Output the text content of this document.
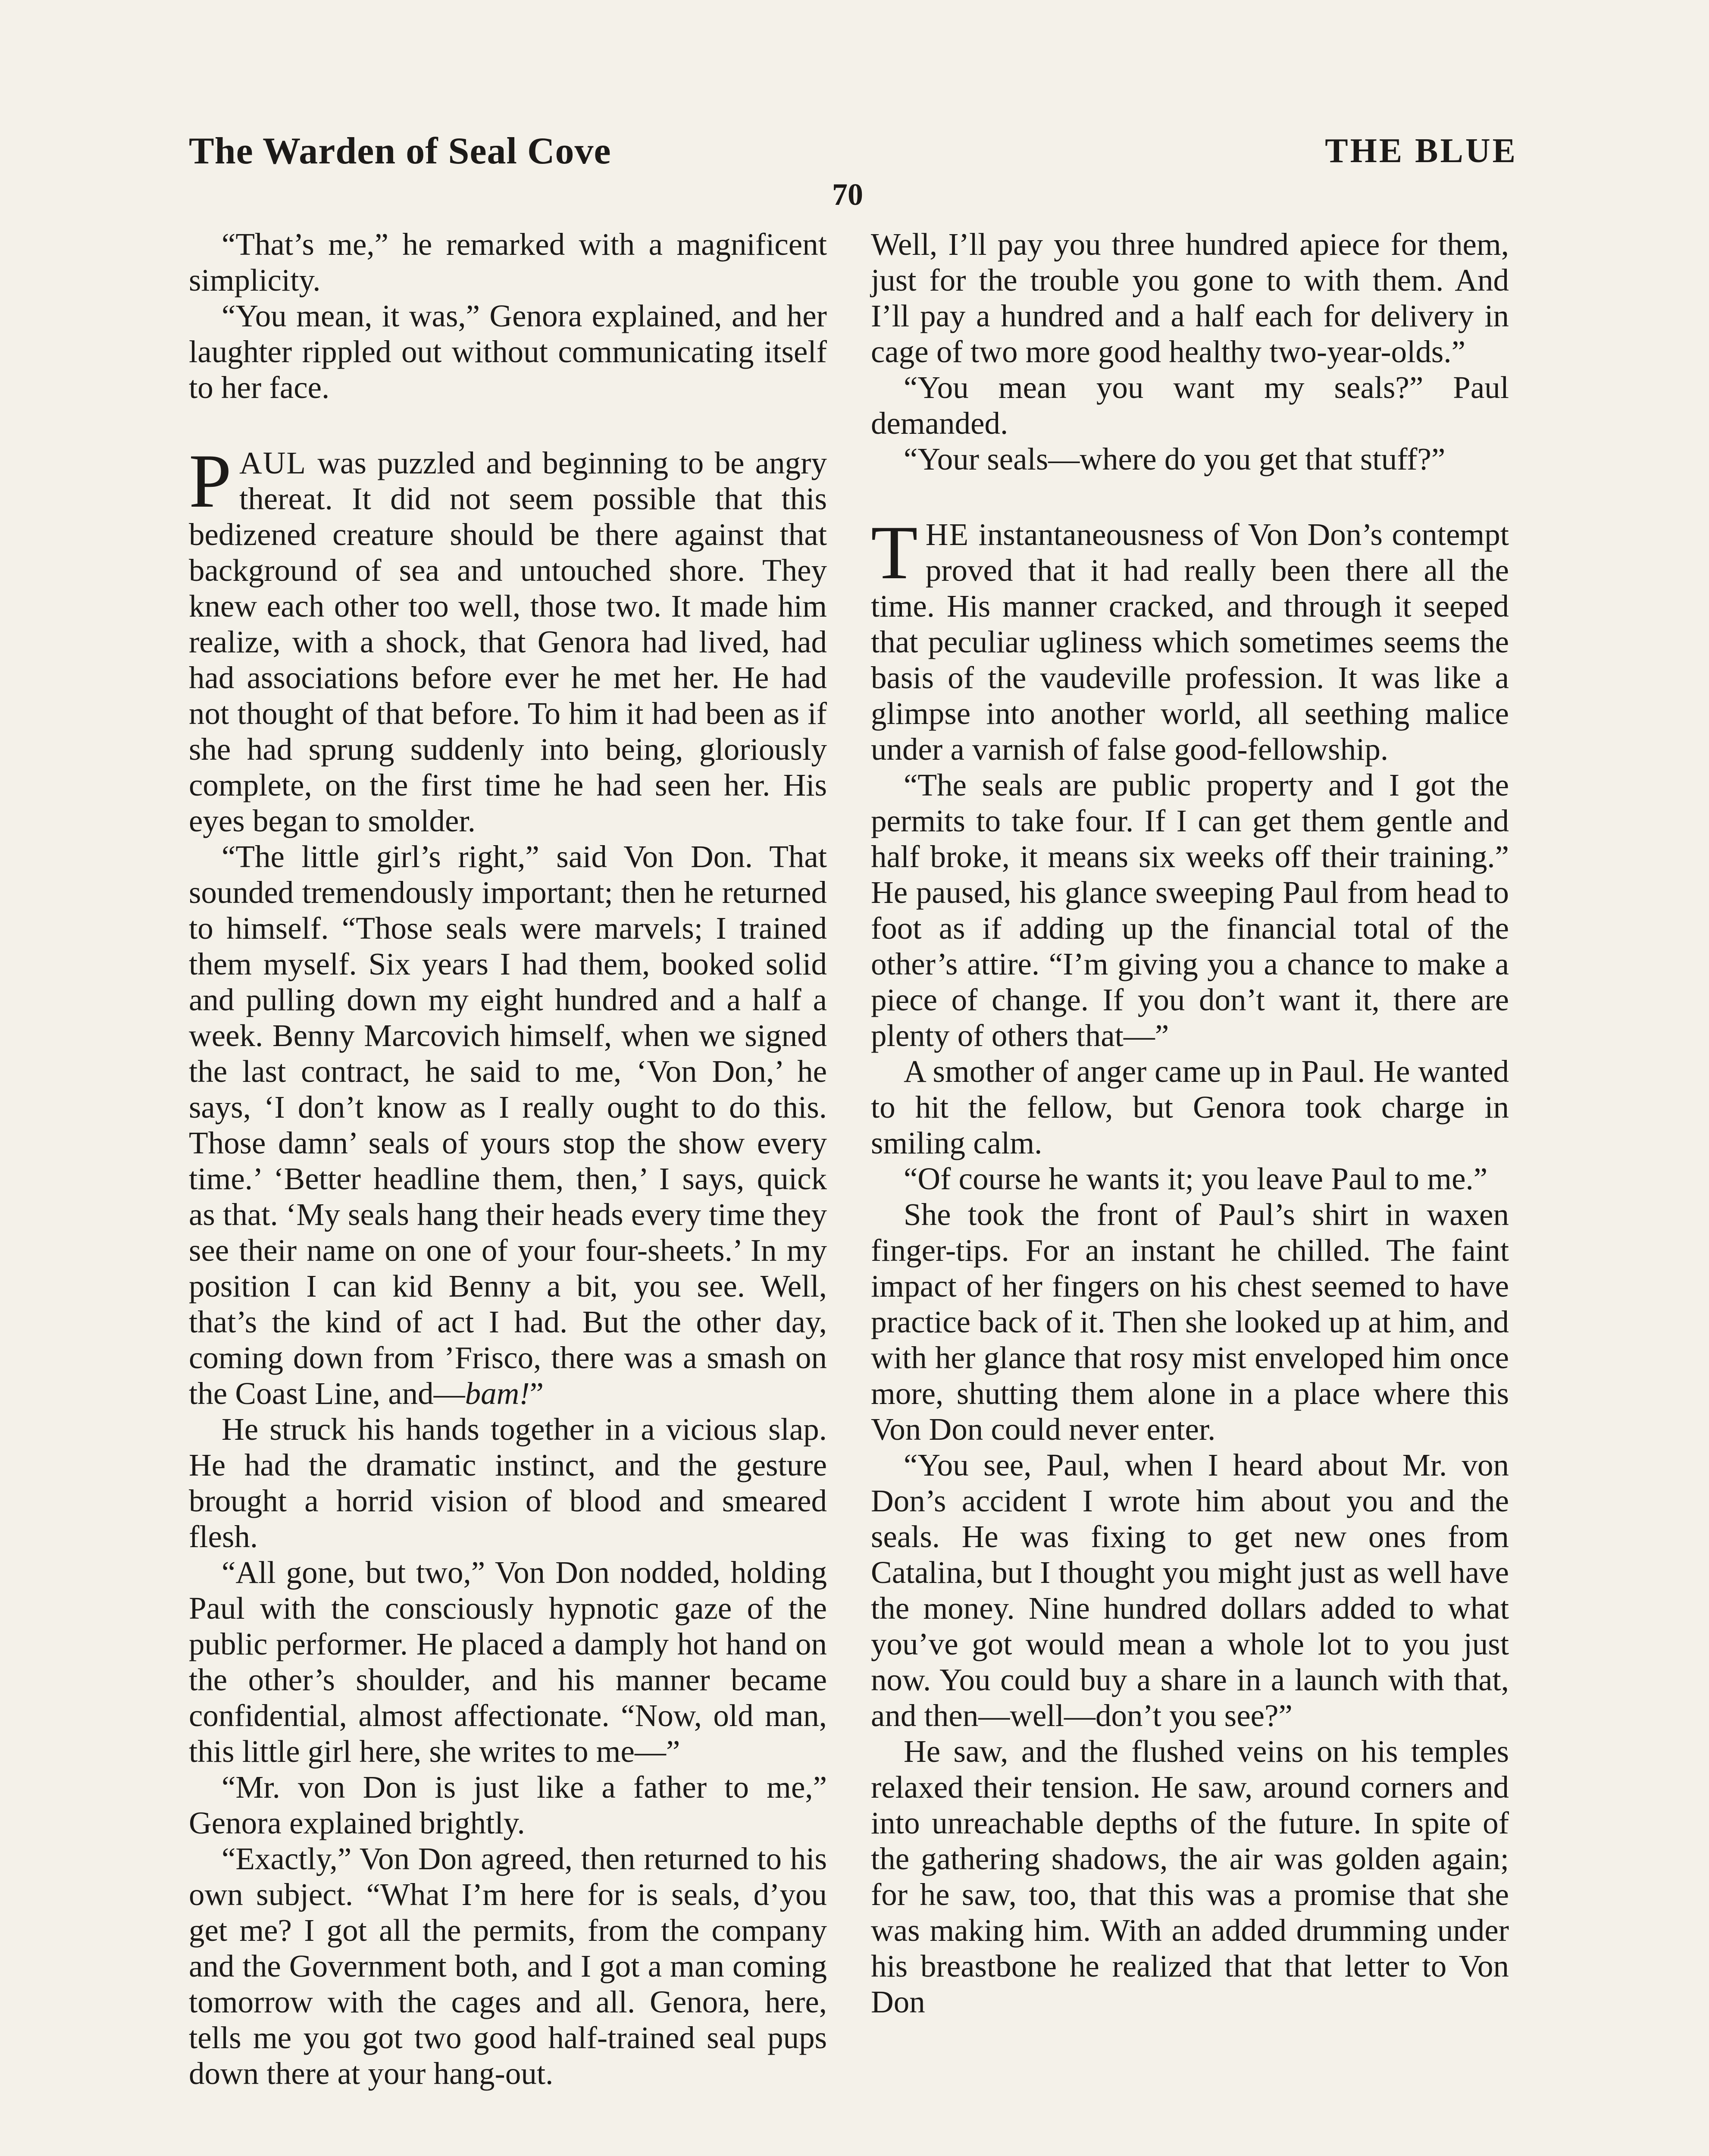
The Warden of Seal Cove	THE BLUE
70

“That’s me,” he remarked with a magnificent simplicity.

“You mean, it was,” Genora explained, and her laughter rippled out without communicating itself to her face.

PAUL was puzzled and beginning to be angry thereat. It did not seem possible that this bedizened creature should be there against that background of sea and untouched shore. They knew each other too well, those two. It made him realize, with a shock, that Genora had lived, had had associations before ever he met her. He had not thought of that before. To him it had been as if she had sprung suddenly into being, gloriously complete, on the first time he had seen her. His eyes began to smolder.

“The little girl’s right,” said Von Don. That sounded tremendously important; then he returned to himself. “Those seals were marvels; I trained them myself. Six years I had them, booked solid and pulling down my eight hundred and a half a week. Benny Marcovich himself, when we signed the last contract, he said to me, ‘Von Don,’ he says, ‘I don’t know as I really ought to do this. Those damn’ seals of yours stop the show every time.’ ‘Better headline them, then,’ I says, quick as that. ‘My seals hang their heads every time they see their name on one of your four-sheets.’ In my position I can kid Benny a bit, you see. Well, that’s the kind of act I had. But the other day, coming down from ’Frisco, there was a smash on the Coast Line, and—bam!”

He struck his hands together in a vicious slap. He had the dramatic instinct, and the gesture brought a horrid vision of blood and smeared flesh.

“All gone, but two,” Von Don nodded, holding Paul with the consciously hypnotic gaze of the public performer. He placed a damply hot hand on the other’s shoulder, and his manner became confidential, almost affectionate. “Now, old man, this little girl here, she writes to me—”

“Mr. von Don is just like a father to me,” Genora explained brightly.

“Exactly,” Von Don agreed, then returned to his own subject. “What I’m here for is seals, d’you get me? I got all the permits, from the company and the Government both, and I got a man coming tomorrow with the cages and all. Genora, here, tells me you got two good half-trained seal pups down there at your hang-out.

Well, I’ll pay you three hundred apiece for them, just for the trouble you gone to with them. And I’ll pay a hundred and a half each for delivery in cage of two more good healthy two-year-olds.”

“You mean you want my seals?” Paul demanded.

“Your seals—where do you get that stuff?”

THE instantaneousness of Von Don’s contempt proved that it had really been there all the time. His manner cracked, and through it seeped that peculiar ugliness which sometimes seems the basis of the vaudeville profession. It was like a glimpse into another world, all seething malice under a varnish of false good-fellowship.

“The seals are public property and I got the permits to take four. If I can get them gentle and half broke, it means six weeks off their training.” He paused, his glance sweeping Paul from head to foot as if adding up the financial total of the other’s attire. “I’m giving you a chance to make a piece of change. If you don’t want it, there are plenty of others that—”

A smother of anger came up in Paul. He wanted to hit the fellow, but Genora took charge in smiling calm.

“Of course he wants it; you leave Paul to me.”

She took the front of Paul’s shirt in waxen finger-tips. For an instant he chilled. The faint impact of her fingers on his chest seemed to have practice back of it. Then she looked up at him, and with her glance that rosy mist enveloped him once more, shutting them alone in a place where this Von Don could never enter.

“You see, Paul, when I heard about Mr. von Don’s accident I wrote him about you and the seals. He was fixing to get new ones from Catalina, but I thought you might just as well have the money. Nine hundred dollars added to what you’ve got would mean a whole lot to you just now. You could buy a share in a launch with that, and then—well—don’t you see?”

He saw, and the flushed veins on his temples relaxed their tension. He saw, around corners and into unreachable depths of the future. In spite of the gathering shadows, the air was golden again; for he saw, too, that this was a promise that she was making him. With an added drumming under his breastbone he realized that that letter to Von Don
